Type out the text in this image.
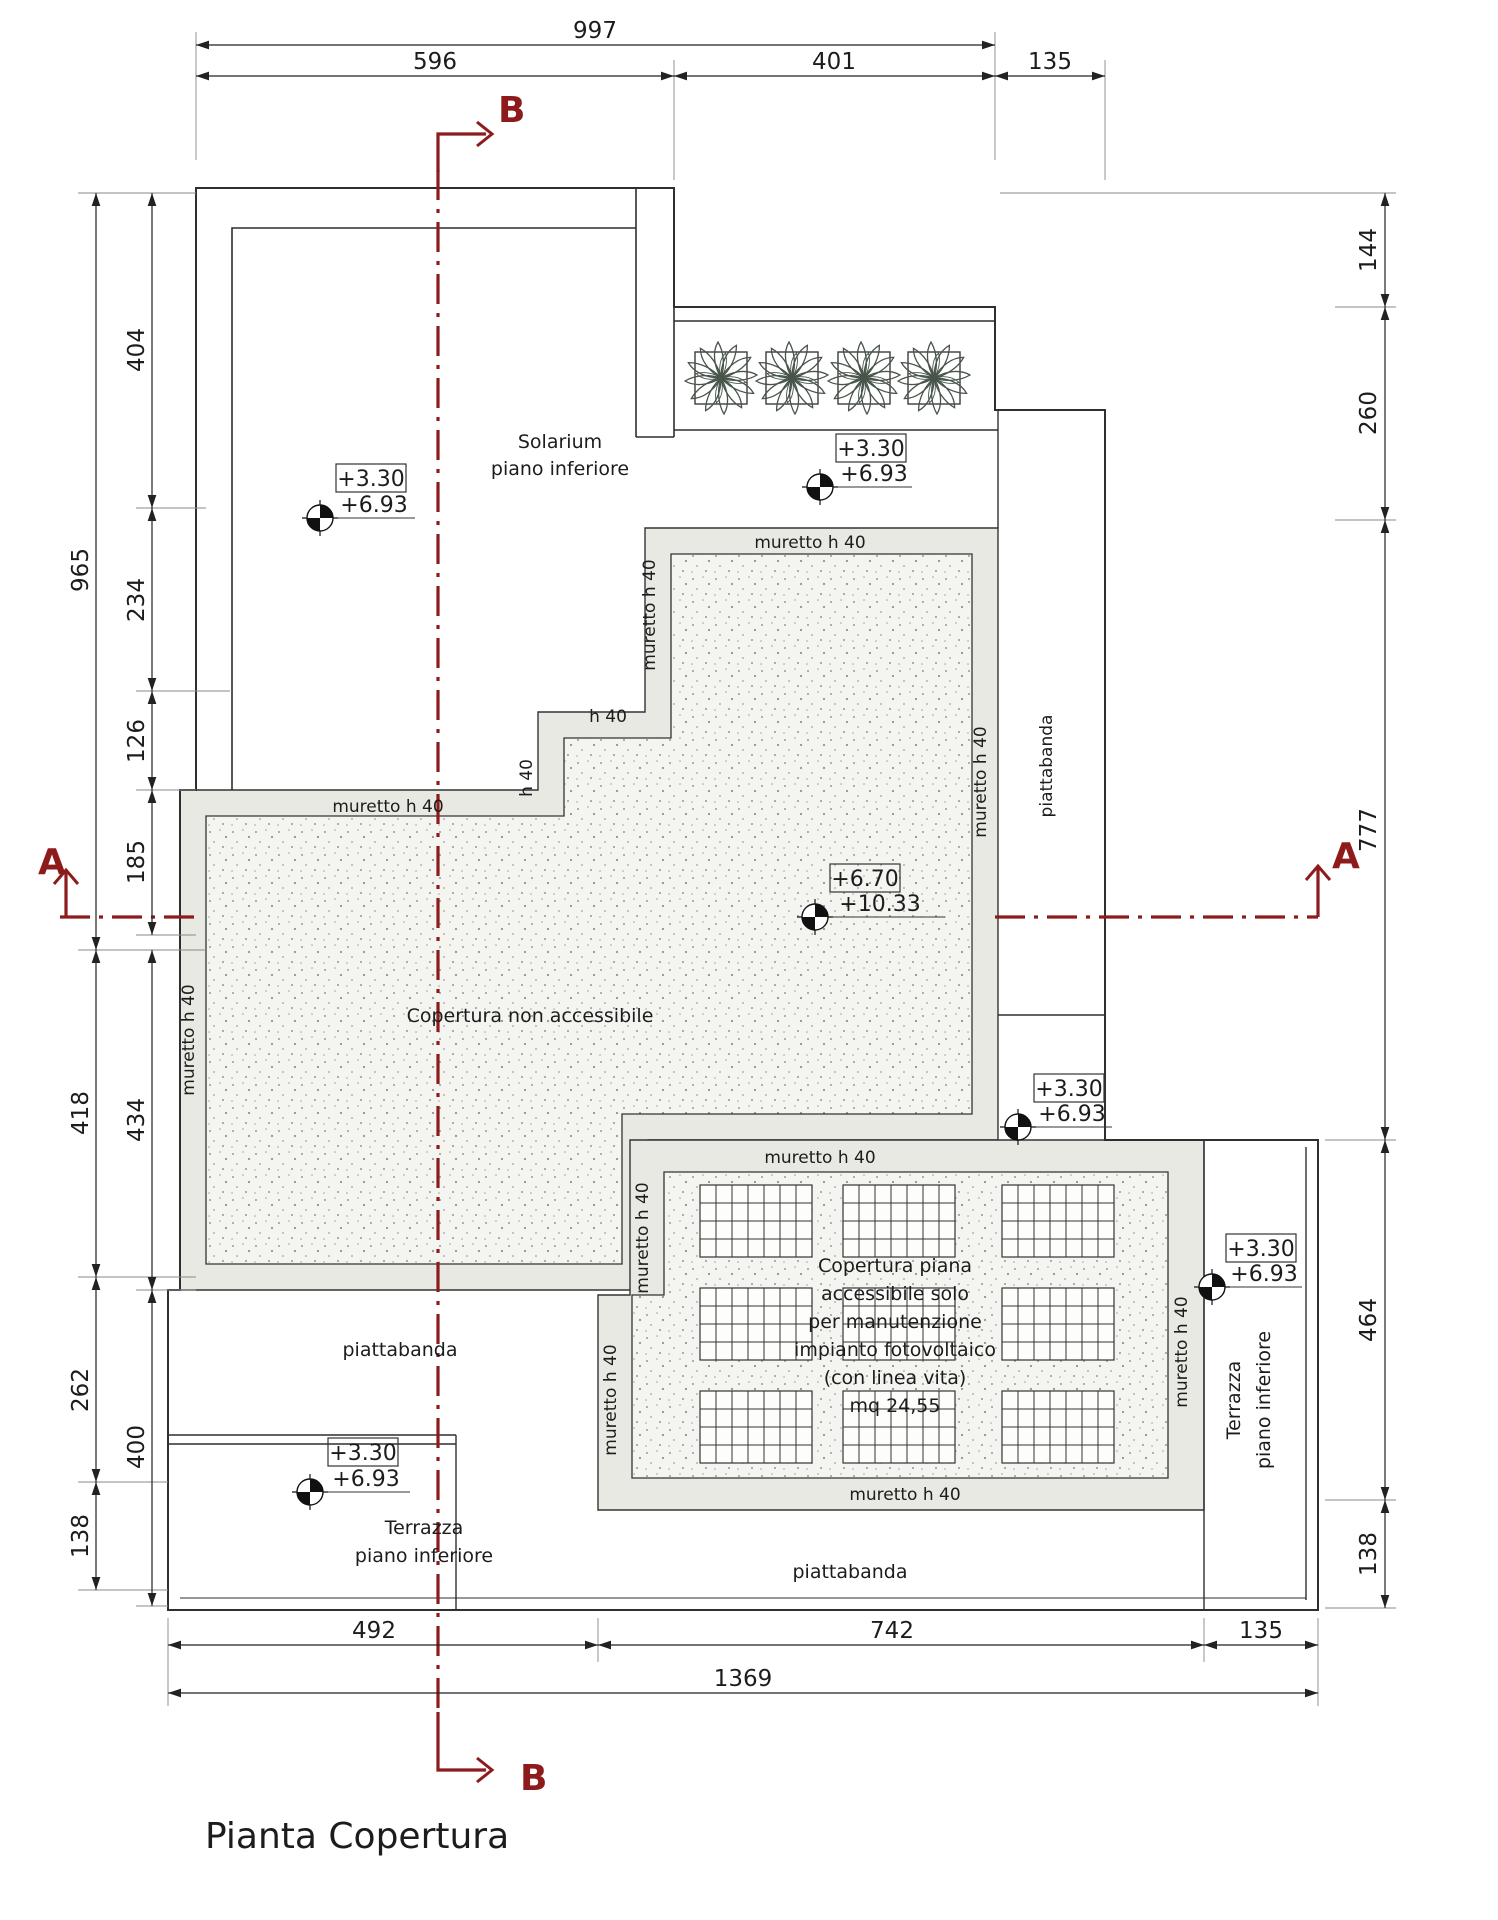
B
B
A	A
997
596	401	135
965
418
262
138
404
234
126
185
434
400
144
260
777
464
138
492	742	135
1369
Solarium
piano inferiore
muretto h 40
muretto h 40
h 40
h 40
muretto h 40
muretto h 40
muretto h 40	piattabanda
Copertura non accessibile
muretto h 40
muretto h 40
muretto h 40
muretto h 40
muretto h 40
Copertura piana
accessibile solo
per manutenzione
impianto fotovoltaico
(con linea vita)
mq 24,55	Terrazza piano inferiore
piattabanda
Terrazza
piano inferiore
piattabanda
+3.30
+6.93
+3.30
+6.93
+6.70
+10.33
+3.30
+6.93
+3.30
+6.93
+3.30
+6.93
Pianta Copertura
